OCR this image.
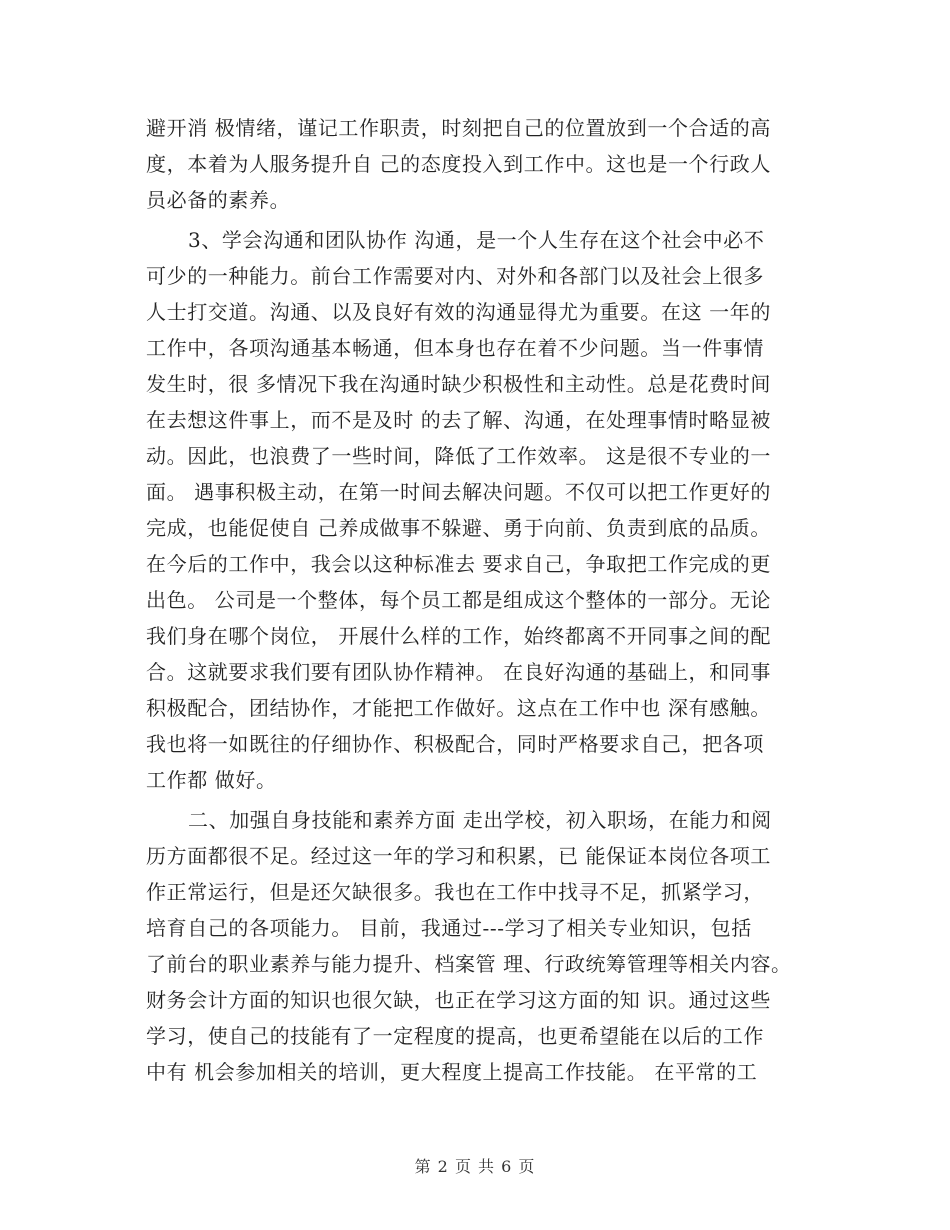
避开消 极情绪，谨记工作职责，时刻把自己的位置放到一个合适的高
度，本着为人服务提升自 己的态度投入到工作中。这也是一个行政人
员必备的素养。
3、学会沟通和团队协作 沟通，是一个人生存在这个社会中必不
可少的一种能力。前台工作需要对内、对外和各部门以及社会上很多
人士打交道。沟通、以及良好有效的沟通显得尤为重要。在这 一年的
工作中，各项沟通基本畅通，但本身也存在着不少问题。当一件事情
发生时，很 多情况下我在沟通时缺少积极性和主动性。总是花费时间
在去想这件事上，而不是及时 的去了解、沟通，在处理事情时略显被
动。因此，也浪费了一些时间，降低了工作效率。 这是很不专业的一
面。 遇事积极主动，在第一时间去解决问题。不仅可以把工作更好的
完成，也能促使自 己养成做事不躲避、勇于向前、负责到底的品质。
在今后的工作中，我会以这种标准去 要求自己，争取把工作完成的更
出色。 公司是一个整体，每个员工都是组成这个整体的一部分。无论
我们身在哪个岗位， 开展什么样的工作，始终都离不开同事之间的配
合。这就要求我们要有团队协作精神。 在良好沟通的基础上，和同事
积极配合，团结协作，才能把工作做好。这点在工作中也 深有感触。
我也将一如既往的仔细协作、积极配合，同时严格要求自己，把各项
工作都 做好。
二、加强自身技能和素养方面 走出学校，初入职场，在能力和阅
历方面都很不足。经过这一年的学习和积累，已 能保证本岗位各项工
作正常运行，但是还欠缺很多。我也在工作中找寻不足，抓紧学习，
培育自己的各项能力。 目前，我通过---学习了相关专业知识，包括
了前台的职业素养与能力提升、档案管 理、行政统筹管理等相关内容。
财务会计方面的知识也很欠缺，也正在学习这方面的知 识。通过这些
学习，使自己的技能有了一定程度的提高，也更希望能在以后的工作
中有 机会参加相关的培训，更大程度上提高工作技能。 在平常的工
第 2 页 共 6 页
